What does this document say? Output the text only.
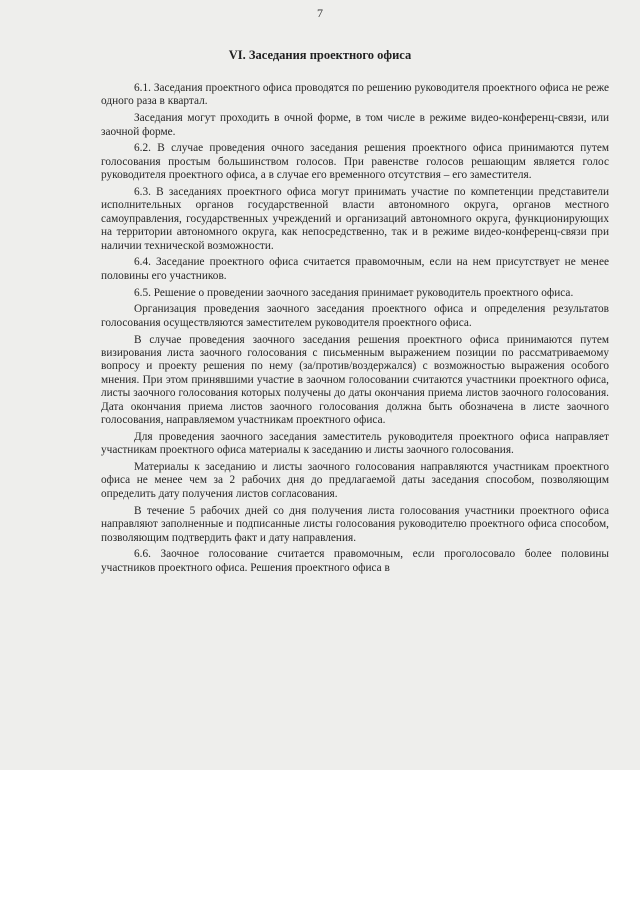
7
VI. Заседания проектного офиса

6.1. Заседания проектного офиса проводятся по решению руководителя проектного офиса не реже одного раза в квартал.

Заседания могут проходить в очной форме, в том числе в режиме видео-конференц-связи, или заочной форме.

6.2. В случае проведения очного заседания решения проектного офиса принимаются путем голосования простым большинством голосов. При равенстве голосов решающим является голос руководителя проектного офиса, а в случае его временного отсутствия – его заместителя.

6.3. В заседаниях проектного офиса могут принимать участие по компетенции представители исполнительных органов государственной власти автономного округа, органов местного самоуправления, государственных учреждений и организаций автономного округа, функционирующих на территории автономного округа, как непосредственно, так и в режиме видео-конференц-связи при наличии технической возможности.

6.4. Заседание проектного офиса считается правомочным, если на нем присутствует не менее половины его участников.

6.5. Решение о проведении заочного заседания принимает руководитель проектного офиса.

Организация проведения заочного заседания проектного офиса и определения результатов голосования осуществляются заместителем руководителя проектного офиса.

В случае проведения заочного заседания решения проектного офиса принимаются путем визирования листа заочного голосования с письменным выражением позиции по рассматриваемому вопросу и проекту решения по нему (за/против/воздержался) с возможностью выражения особого мнения. При этом принявшими участие в заочном голосовании считаются участники проектного офиса, листы заочного голосования которых получены до даты окончания приема листов заочного голосования. Дата окончания приема листов заочного голосования должна быть обозначена в листе заочного голосования, направляемом участникам проектного офиса.

Для проведения заочного заседания заместитель руководителя проектного офиса направляет участникам проектного офиса материалы к заседанию и листы заочного голосования.

Материалы к заседанию и листы заочного голосования направляются участникам проектного офиса не менее чем за 2 рабочих дня до предлагаемой даты заседания способом, позволяющим определить дату получения листов согласования.

В течение 5 рабочих дней со дня получения листа голосования участники проектного офиса направляют заполненные и подписанные листы голосования руководителю проектного офиса способом, позволяющим подтвердить факт и дату направления.

6.6. Заочное голосование считается правомочным, если проголосовало более половины участников проектного офиса. Решения проектного офиса в
